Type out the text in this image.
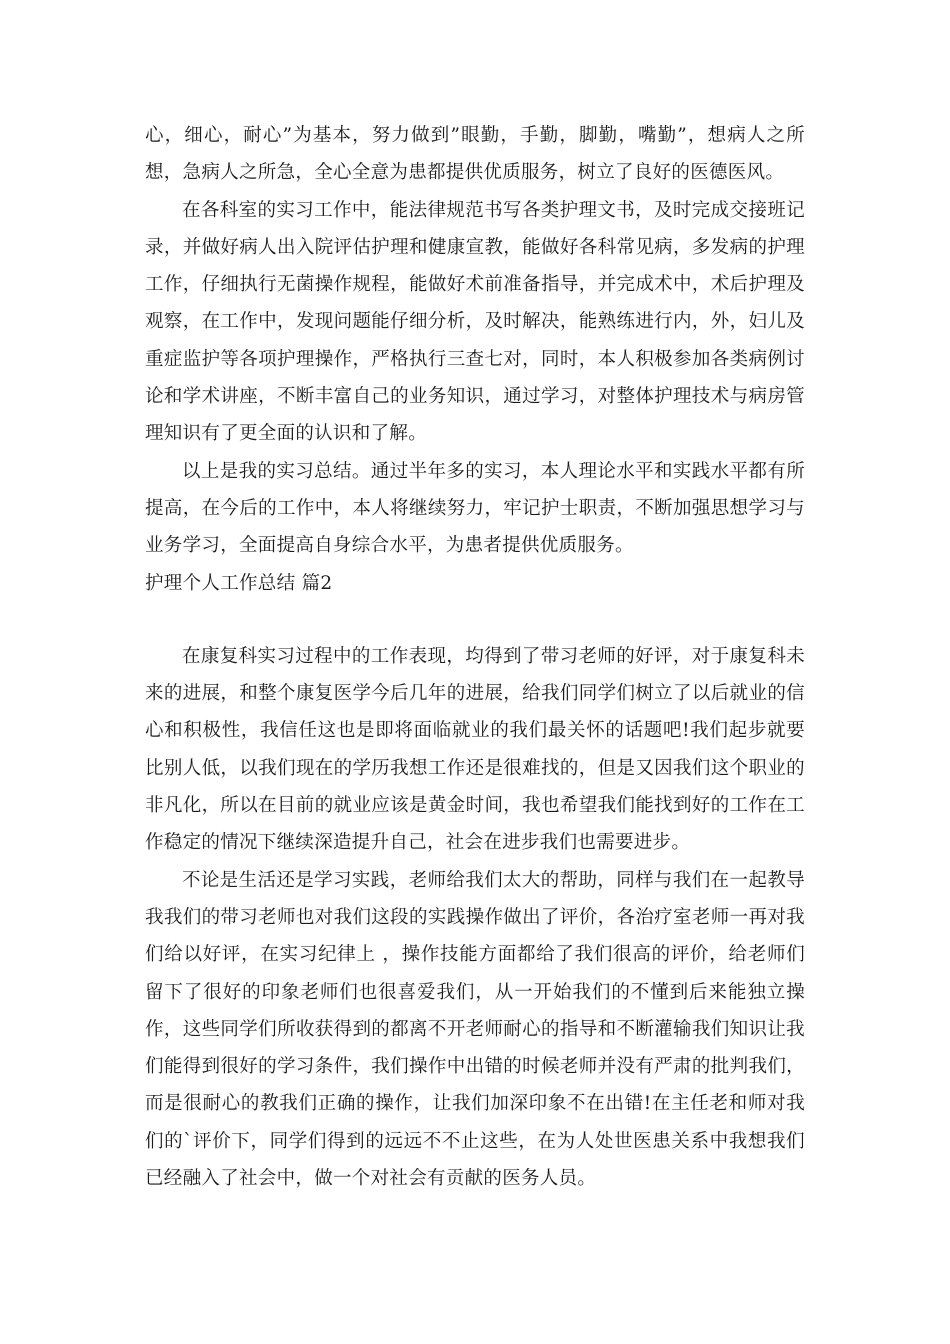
心，细心，耐心”为基本，努力做到”眼勤，手勤，脚勤，嘴勤”，想病人之所想，急病人之所急，全心全意为患都提供优质服务，树立了良好的医德医风。

在各科室的实习工作中，能法律规范书写各类护理文书，及时完成交接班记录，并做好病人出入院评估护理和健康宣教，能做好各科常见病，多发病的护理工作，仔细执行无菌操作规程，能做好术前准备指导，并完成术中，术后护理及观察，在工作中，发现问题能仔细分析，及时解决，能熟练进行内，外，妇儿及重症监护等各项护理操作，严格执行三查七对，同时，本人积极参加各类病例讨论和学术讲座，不断丰富自己的业务知识，通过学习，对整体护理技术与病房管理知识有了更全面的认识和了解。

以上是我的实习总结。通过半年多的实习，本人理论水平和实践水平都有所提高，在今后的工作中，本人将继续努力，牢记护士职责，不断加强思想学习与业务学习，全面提高自身综合水平，为患者提供优质服务。

护理个人工作总结 篇2

在康复科实习过程中的工作表现，均得到了带习老师的好评，对于康复科未来的进展，和整个康复医学今后几年的进展，给我们同学们树立了以后就业的信心和积极性，我信任这也是即将面临就业的我们最关怀的话题吧!我们起步就要比别人低，以我们现在的学历我想工作还是很难找的，但是又因我们这个职业的非凡化，所以在目前的就业应该是黄金时间，我也希望我们能找到好的工作在工作稳定的情况下继续深造提升自己，社会在进步我们也需要进步。

不论是生活还是学习实践，老师给我们太大的帮助，同样与我们在一起教导我我们的带习老师也对我们这段的实践操作做出了评价，各治疗室老师一再对我们给以好评，在实习纪律上 ，操作技能方面都给了我们很高的评价，给老师们留下了很好的印象老师们也很喜爱我们，从一开始我们的不懂到后来能独立操作，这些同学们所收获得到的都离不开老师耐心的指导和不断灌输我们知识让我们能得到很好的学习条件，我们操作中出错的时候老师并没有严肃的批判我们，而是很耐心的教我们正确的操作，让我们加深印象不在出错!在主任老和师对我们的`评价下，同学们得到的远远不不止这些，在为人处世医患关系中我想我们已经融入了社会中，做一个对社会有贡献的医务人员。
